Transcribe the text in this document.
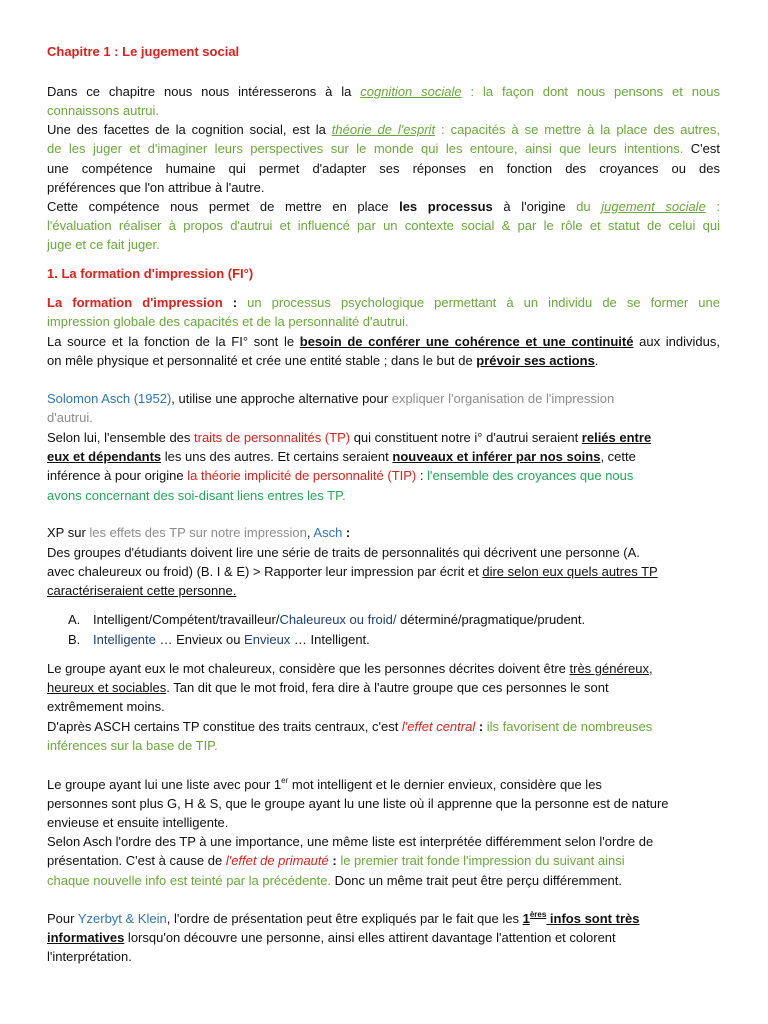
Chapitre 1 : Le jugement social
Dans ce chapitre nous nous intéresserons à la cognition sociale : la façon dont nous pensons et nous
connaissons autrui.
Une des facettes de la cognition social, est la théorie de l'esprit : capacités à se mettre à la place des autres,
de les juger et d'imaginer leurs perspectives sur le monde qui les entoure, ainsi que leurs intentions. C'est
une compétence humaine qui permet d'adapter ses réponses en fonction des croyances ou des
préférences que l'on attribue à l'autre.
Cette compétence nous permet de mettre en place les processus à l'origine du jugement sociale :
l'évaluation réaliser à propos d'autrui et influencé par un contexte social & par le rôle et statut de celui qui
juge et ce fait juger.
1. La formation d'impression (FI°)
La formation d'impression : un processus psychologique permettant à un individu de se former une
impression globale des capacités et de la personnalité d'autrui.
La source et la fonction de la FI° sont le besoin de conférer une cohérence et une continuité aux individus,
on mêle physique et personnalité et crée une entité stable ; dans le but de prévoir ses actions.
Solomon Asch (1952), utilise une approche alternative pour expliquer l'organisation de l'impression
d'autrui.
Selon lui, l'ensemble des traits de personnalités (TP) qui constituent notre i° d'autrui seraient reliés entre
eux et dépendants les uns des autres. Et certains seraient nouveaux et inférer par nos soins, cette
inférence à pour origine la théorie implicité de personnalité (TIP) : l'ensemble des croyances que nous
avons concernant des soi-disant liens entres les TP.
XP sur les effets des TP sur notre impression, Asch :
Des groupes d'étudiants doivent lire une série de traits de personnalités qui décrivent une personne (A.
avec chaleureux ou froid) (B. I & E) > Rapporter leur impression par écrit et dire selon eux quels autres TP
caractériseraient cette personne.
A. Intelligent/Compétent/travailleur/Chaleureux ou froid/ déterminé/pragmatique/prudent.
B. Intelligente … Envieux ou Envieux … Intelligent.
Le groupe ayant eux le mot chaleureux, considère que les personnes décrites doivent être très généreux,
heureux et sociables. Tan dit que le mot froid, fera dire à l'autre groupe que ces personnes le sont
extrêmement moins.
D'après ASCH certains TP constitue des traits centraux, c'est l'effet central : ils favorisent de nombreuses
inférences sur la base de TIP.
Le groupe ayant lui une liste avec pour 1er mot intelligent et le dernier envieux, considère que les
personnes sont plus G, H & S, que le groupe ayant lu une liste où il apprenne que la personne est de nature
envieuse et ensuite intelligente.
Selon Asch l'ordre des TP à une importance, une même liste est interprétée différemment selon l'ordre de
présentation. C'est à cause de l'effet de primauté : le premier trait fonde l'impression du suivant ainsi
chaque nouvelle info est teinté par la précédente. Donc un même trait peut être perçu différemment.
Pour Yzerbyt & Klein, l'ordre de présentation peut être expliqués par le fait que les 1ères infos sont très
informatives lorsqu'on découvre une personne, ainsi elles attirent davantage l'attention et colorent
l'interprétation.
